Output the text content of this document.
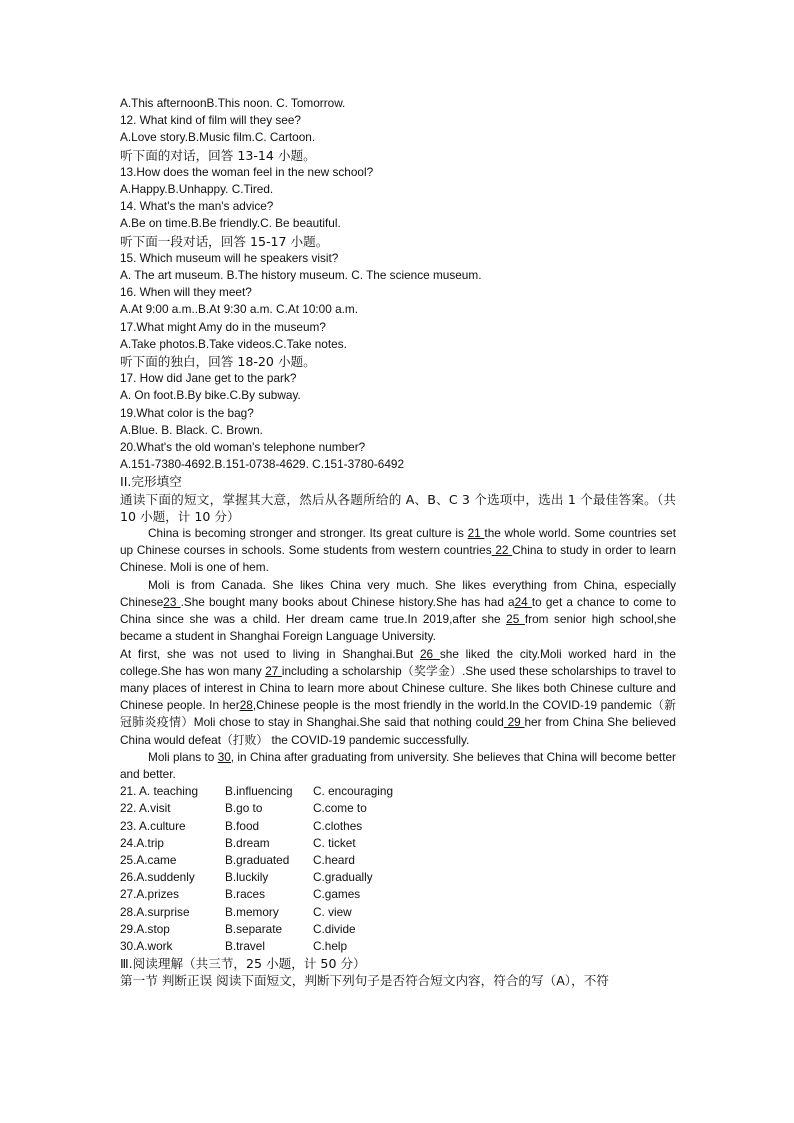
A.This afternoonB.This noon. C. Tomorrow.
12. What kind of film will they see?
A.Love story.B.Music film.C. Cartoon.
听下面的对话，回答 13-14 小题。
13.How does the woman feel in the new school?
A.Happy.B.Unhappy. C.Tired.
14. What's the man's advice?
A.Be on time.B.Be friendly.C. Be beautiful.
听下面一段对话，回答 15-17 小题。
15. Which museum will he speakers visit?
A. The art museum. B.The history museum. C. The science museum.
16. When will they meet?
A.At 9:00 a.m..B.At 9:30 a.m. C.At 10:00 a.m.
17.What might Amy do in the museum?
A.Take photos.B.Take videos.C.Take notes.
听下面的独白，回答 18-20 小题。
17. How did Jane get to the park?
A. On foot.B.By bike.C.By subway.
19.What color is the bag?
A.Blue. B. Black. C. Brown.
20.What's the old woman's telephone number?
A.151-7380-4692.B.151-0738-4629. C.151-3780-6492
II.完形填空
通读下面的短文，掌握其大意，然后从各题所给的 A、B、C 3 个选项中，选出 1 个最佳答案。（共 10 小题，计 10 分）
China is becoming stronger and stronger. Its great culture is 21 the whole world. Some countries set up Chinese courses in schools. Some students from western countries 22 China to study in order to learn Chinese. Moli is one of hem.
Moli is from Canada. She likes China very much. She likes everything from China, especially Chinese23 .She bought many books about Chinese history.She has had a24 to get a chance to come to China since she was a child. Her dream came true.In 2019,after she 25 from senior high school,she became a student in Shanghai Foreign Language University.
At first, she was not used to living in Shanghai.But 26 she liked the city.Moli worked hard in the college.She has won many 27 including a scholarship（奖学金）.She used these scholarships to travel to many places of interest in China to learn more about Chinese culture. She likes both Chinese culture and Chinese people. In her28,Chinese people is the most friendly in the world.In the COVID-19 pandemic（新冠肺炎疫情）Moli chose to stay in Shanghai.She said that nothing could 29 her from China She believed China would defeat（打败） the COVID-19 pandemic successfully.
Moli plans to 30, in China after graduating from university. She believes that China will become better and better.
21. A. teaching	B.influencing	C. encouraging
22. A.visit	B.go to	C.come to
23. A.culture	B.food	C.clothes
24.A.trip	B.dream	C. ticket
25.A.came	B.graduated	C.heard
26.A.suddenly	B.luckily	C.gradually
27.A.prizes	B.races	C.games
28.A.surprise	B.memory	C. view
29.A.stop	B.separate	C.divide
30.A.work	B.travel	C.help
Ⅲ.阅读理解（共三节，25 小题，计 50 分）
第一节 判断正误 阅读下面短文，判断下列句子是否符合短文内容，符合的写（A），不符
